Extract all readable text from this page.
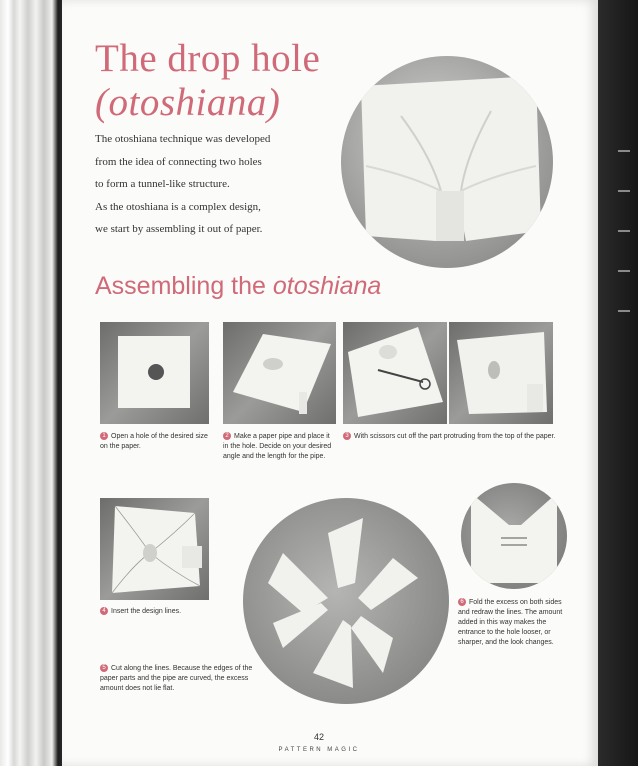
The drop hole
(otoshiana)

The otoshiana technique was developed

from the idea of connecting two holes

to form a tunnel-like structure.

As the otoshiana is a complex design,

we start by assembling it out of paper.

Assembling the otoshiana
1 Open a hole of the desired size on the paper.
2 Make a paper pipe and place it in the hole. Decide on your desired angle and the length for the pipe.
3 With scissors cut off the part protruding from the top of the paper.
4 Insert the design lines.
5 Cut along the lines. Because the edges of the paper parts and the pipe are curved, the excess amount does not lie flat.
6 Fold the excess on both sides and redraw the lines. The amount added in this way makes the entrance to the hole looser, or sharper, and the look changes.
42
PATTERN MAGIC
